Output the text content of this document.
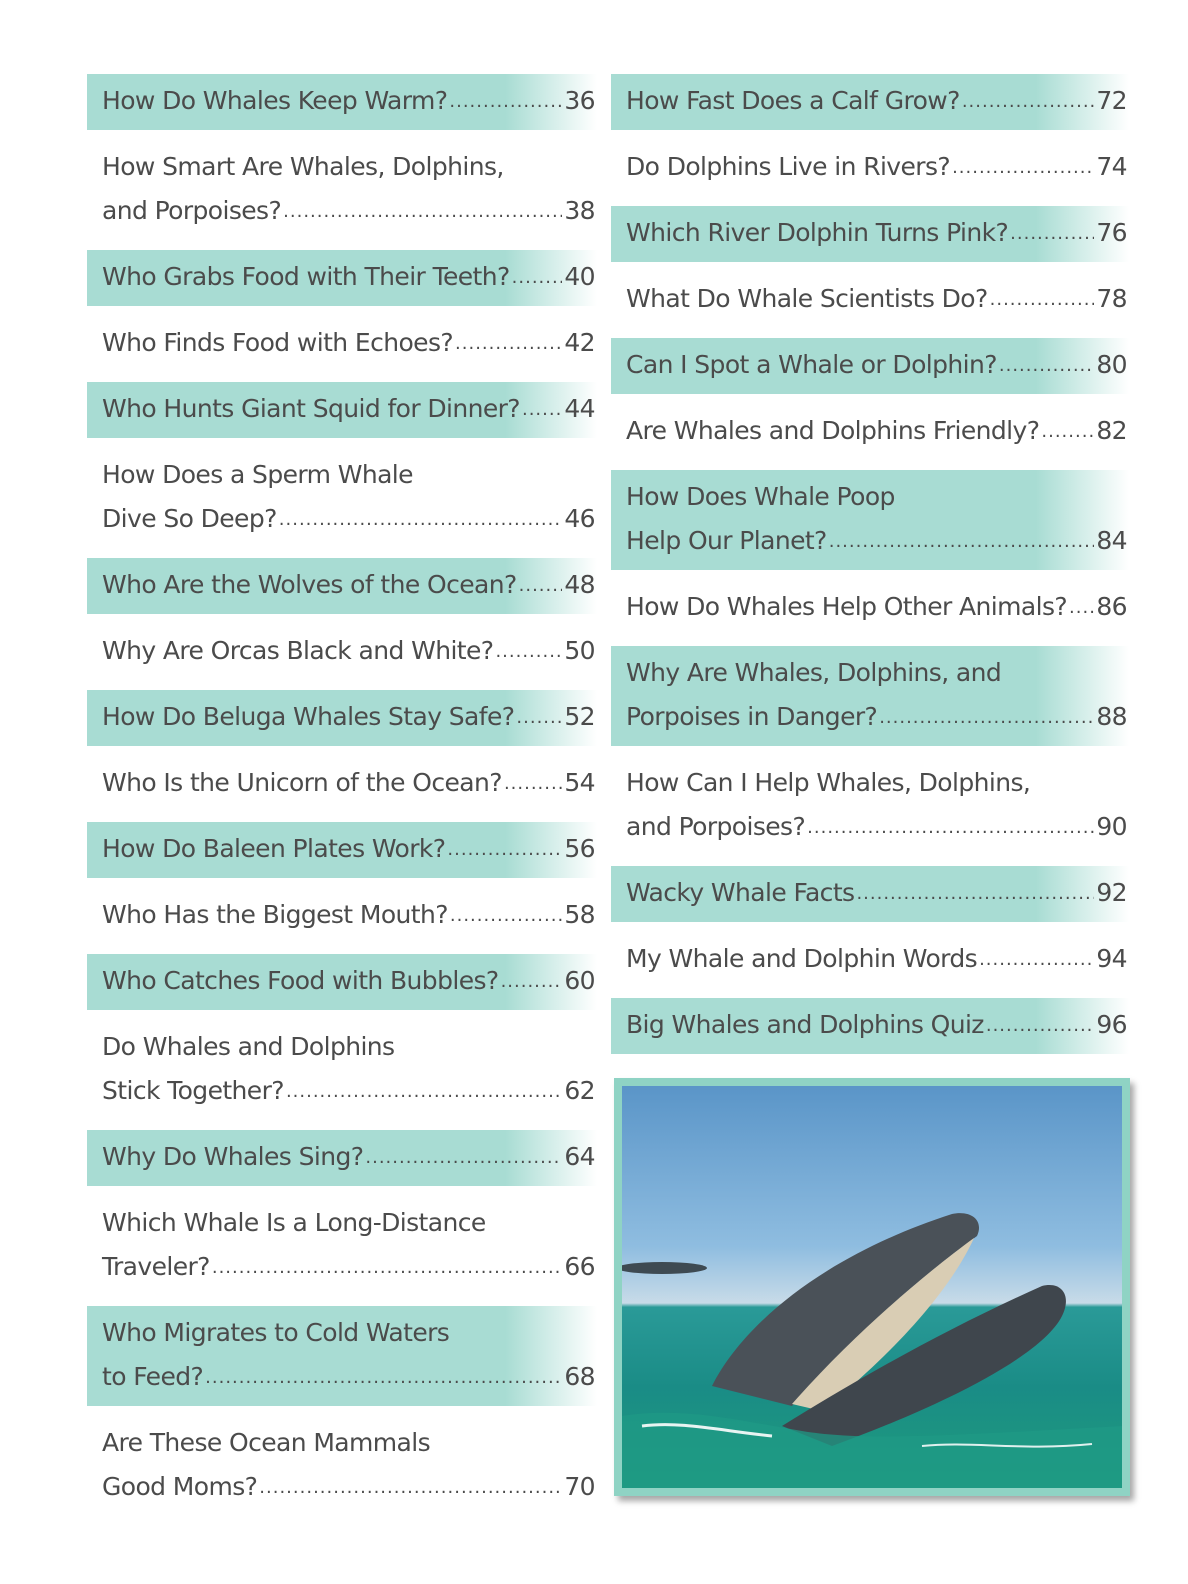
How Do Whales Keep Warm? .....	36
How Smart Are Whales, Dolphins,
and Porpoises? .....	38
Who Grabs Food with Their Teeth? ..... 40
Who Finds Food with Echoes? .....	42
Who Hunts Giant Squid for Dinner? ..... 44
How Does a Sperm Whale
Dive So Deep? .....	46
Who Are the Wolves of the Ocean? ..... 48
Why Are Orcas Black and White? .....	50
How Do Beluga Whales Stay Safe? ..... 52
Who Is the Unicorn of the Ocean? ..... 54
How Do Baleen Plates Work? .....	56
Who Has the Biggest Mouth? .....	58
Who Catches Food with Bubbles? .....	60
Do Whales and Dolphins
Stick Together? .....	62
Why Do Whales Sing? .....	64
Which Whale Is a Long-Distance
Traveler? .....	66
Who Migrates to Cold Waters
to Feed? .....	68
Are These Ocean Mammals
Good Moms? .....	70
How Fast Does a Calf Grow? .....	72
Do Dolphins Live in Rivers? .....	74
Which River Dolphin Turns Pink? .....	76
What Do Whale Scientists Do? .....	78
Can I Spot a Whale or Dolphin? .....	80
Are Whales and Dolphins Friendly? ..... 82
How Does Whale Poop
Help Our Planet? .....	84
How Do Whales Help Other Animals? ..... 86
Why Are Whales, Dolphins, and
Porpoises in Danger? .....	88
How Can I Help Whales, Dolphins,
and Porpoises? .....	90
Wacky Whale Facts .....	92
My Whale and Dolphin Words .....	94
Big Whales and Dolphins Quiz .....	96
